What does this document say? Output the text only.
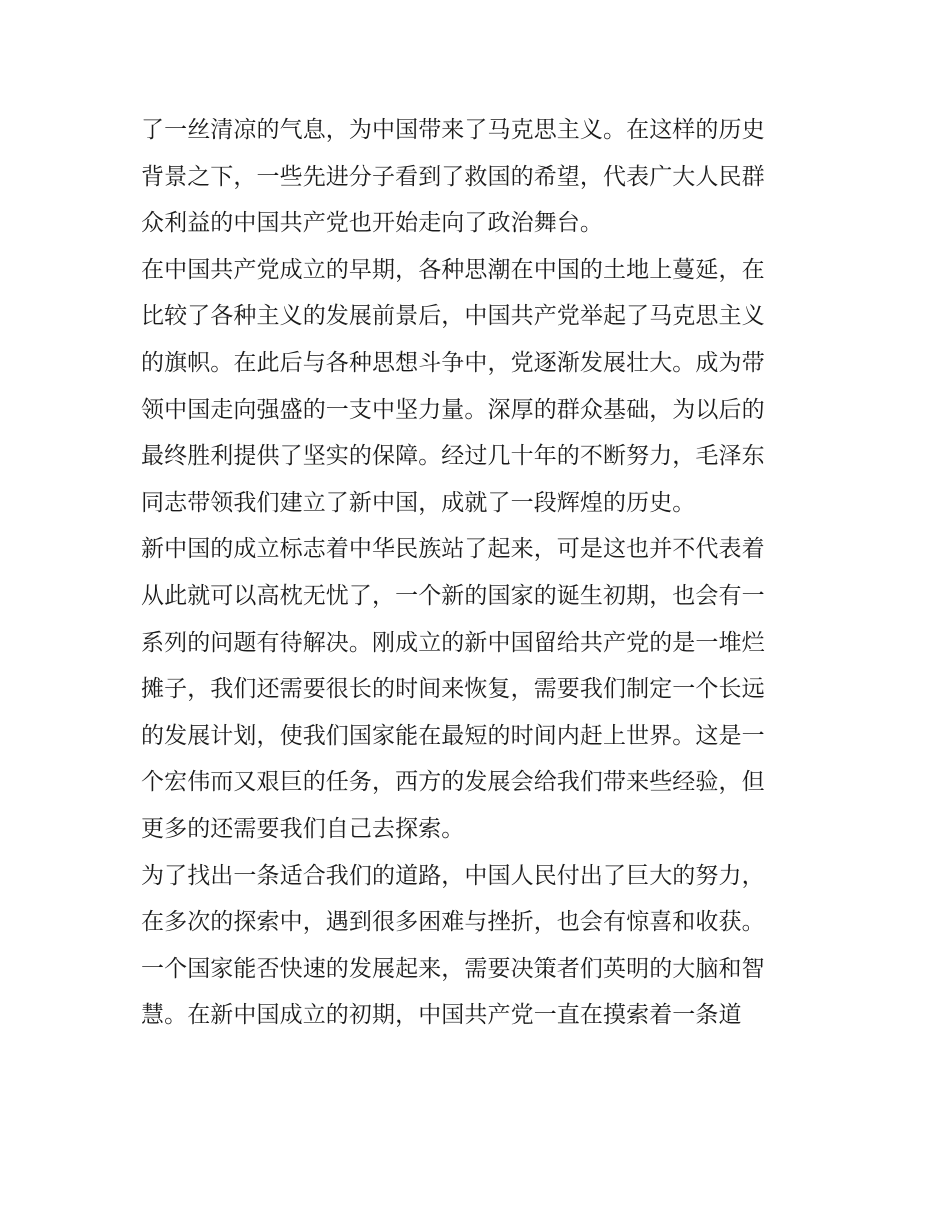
了一丝清凉的气息，为中国带来了马克思主义。在这样的历史
背景之下，一些先进分子看到了救国的希望，代表广大人民群
众利益的中国共产党也开始走向了政治舞台。
在中国共产党成立的早期，各种思潮在中国的土地上蔓延，在
比较了各种主义的发展前景后，中国共产党举起了马克思主义
的旗帜。在此后与各种思想斗争中，党逐渐发展壮大。成为带
领中国走向强盛的一支中坚力量。深厚的群众基础，为以后的
最终胜利提供了坚实的保障。经过几十年的不断努力，毛泽东
同志带领我们建立了新中国，成就了一段辉煌的历史。
新中国的成立标志着中华民族站了起来，可是这也并不代表着
从此就可以高枕无忧了，一个新的国家的诞生初期，也会有一
系列的问题有待解决。刚成立的新中国留给共产党的是一堆烂
摊子，我们还需要很长的时间来恢复，需要我们制定一个长远
的发展计划，使我们国家能在最短的时间内赶上世界。这是一
个宏伟而又艰巨的任务，西方的发展会给我们带来些经验，但
更多的还需要我们自己去探索。
为了找出一条适合我们的道路，中国人民付出了巨大的努力，
在多次的探索中，遇到很多困难与挫折，也会有惊喜和收获。
一个国家能否快速的发展起来，需要决策者们英明的大脑和智
慧。在新中国成立的初期，中国共产党一直在摸索着一条道
